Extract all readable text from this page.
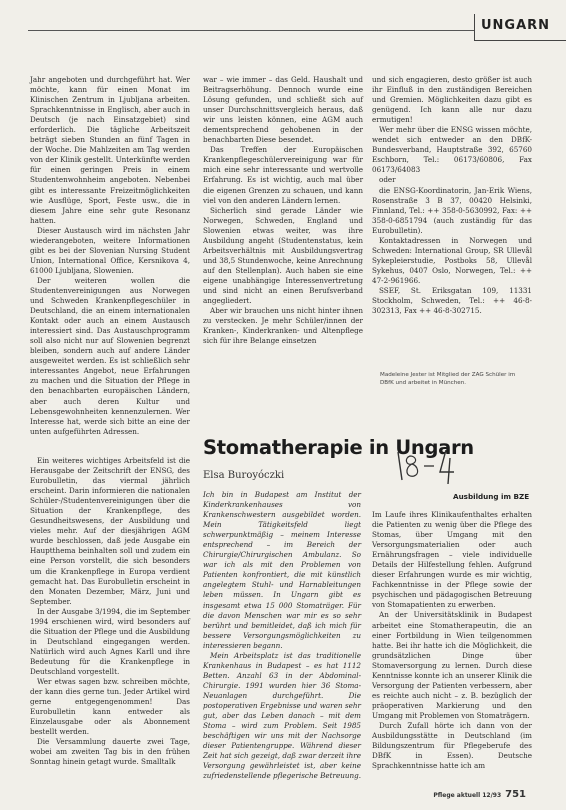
UNGARN

Jahr angeboten und durchgeführt hat. Wer möchte, kann für einen Monat im Klinischen Zentrum in Ljubljana arbeiten. Sprachkenntnisse in Englisch, aber auch in Deutsch (je nach Einsatzgebiet) sind erforderlich. Die tägliche Arbeitszeit beträgt sieben Stunden an fünf Tagen in der Woche. Die Mahlzeiten am Tag werden von der Klinik gestellt. Unterkünfte werden für einen geringen Preis in einem Studentenwohnheim angeboten. Nebenbei gibt es interessante Freizeitmöglichkeiten wie Ausflüge, Sport, Feste usw., die in diesem Jahre eine sehr gute Resonanz hatten.

Dieser Austausch wird im nächsten Jahr wiederangeboten, weitere Informationen gibt es bei der Slovenian Nursing Student Union, International Office, Kersnikova 4, 61000 Ljubljana, Slowenien.

Der weiteren wollen die Studentenvereinigungen aus Norwegen und Schweden Krankenpflegeschüler in Deutschland, die an einem internationalen Kontakt oder auch an einem Austausch interessiert sind. Das Austauschprogramm soll also nicht nur auf Slowenien begrenzt bleiben, sondern auch auf andere Länder ausgeweitet werden. Es ist schließlich sehr interessantes Angebot, neue Erfahrungen zu machen und die Situation der Pflege in den benachbarten europäischen Ländern, aber auch deren Kultur und Lebensgewohnheiten kennenzulernen. Wer Interesse hat, werde sich bitte an eine der unten aufgeführten Adressen.

Ein weiteres wichtiges Arbeitsfeld ist die Herausgabe der Zeitschrift der ENSG, des Eurobulletin, das viermal jährlich erscheint. Darin informieren die nationalen Schüler-/Studentenvereinigungen über die Situation der Krankenpflege, des Gesundheitswesens, der Ausbildung und vieles mehr. Auf der diesjährigen AGM wurde beschlossen, daß jede Ausgabe ein Hauptthema beinhalten soll und zudem ein eine Person vorstellt, die sich besonders um die Krankenpflege in Europa verdient gemacht hat. Das Eurobulletin erscheint in den Monaten Dezember, März, Juni und September.

In der Ausgabe 3/1994, die im September 1994 erschienen wird, wird besonders auf die Situation der Pflege und die Ausbildung in Deutschland eingegangen werden. Natürlich wird auch Agnes Karll und ihre Bedeutung für die Krankenpflege in Deutschland vorgestellt.

Wer etwas sagen bzw. schreiben möchte, der kann dies gerne tun. Jeder Artikel wird gerne entgegengenommen! Das Eurobulletin kann entweder als Einzelausgabe oder als Abonnement bestellt werden.

Die Versammlung dauerte zwei Tage, wobei am zweiten Tag bis in den frühen Sonntag hinein getagt wurde. Smalltalk

war – wie immer – das Geld. Haushalt und Beitragserhöhung. Dennoch wurde eine Lösung gefunden, und schließt sich auf unser Durchschnittsvergleich heraus, daß wir uns leisten können, eine AGM auch dementsprechend gehobenen in der benachbarten Diese besendet.

Das Treffen der Europäischen Krankenpflegeschülervereinigung war für mich eine sehr interessante und wertvolle Erfahrung. Es ist wichtig, auch mal über die eigenen Grenzen zu schauen, und kann viel von den anderen Ländern lernen.

Sicherlich sind gerade Länder wie Norwegen, Schweden, England und Slowenien etwas weiter, was ihre Ausbildung angeht (Studentenstatus, kein Arbeitsverhältnis mit Ausbildungsvertrag und 38,5 Stundenwoche, keine Anrechnung auf den Stellenplan). Auch haben sie eine eigene unabhängige Interessenvertretung und sind nicht an einen Berufsverband angegliedert.

Aber wir brauchen uns nicht hinter ihnen zu verstecken. Je mehr Schüler/innen der Kranken-, Kinderkranken- und Altenpflege sich für ihre Belange einsetzen

und sich engagieren, desto größer ist auch ihr Einfluß in den zuständigen Bereichen und Gremien. Möglichkeiten dazu gibt es genügend. Ich kann alle nur dazu ermutigen!

Wer mehr über die ENSG wissen möchte, wendet sich entweder an den DBfK-Bundesverband, Hauptstraße 392, 65760 Eschborn, Tel.: 06173/60806, Fax 06173/64083

oder

die ENSG-Koordinatorin, Jan-Erik Wiens, Rosenstraße 3 B 37, 00420 Helsinki, Finnland, Tel.: ++ 358-0-5630992, Fax: ++ 358-0-6851794 (auch zuständig für das Eurobulletin).

Kontaktadressen in Norwegen und Schweden: International Group, SR Ullevål Sykepleierstudie, Postboks 58, Ullevål Sykehus, 0407 Oslo, Norwegen, Tel.: ++ 47-2-961966.

SSEF, St. Eriksgatan 109, 11331 Stockholm, Schweden, Tel.: ++ 46-8-302313, Fax ++ 46-8-302715.

Madeleine Jester ist Mitglied der ZAG Schüler im DBfK und arbeitet in München.
Stomatherapie in Ungarn
Elsa Buroyóczki
Ausbildung im BZE

Ich bin in Budapest am Institut der Kinderkrankenhauses von Krankenschwestern ausgebildet worden. Mein Tätigkeitsfeld liegt schwerpunktmäßig – meinem Interesse entsprechend – im Bereich der Chirurgie/Chirurgischen Ambulanz. So war ich als mit den Problemen von Patienten konfrontiert, die mit künstlich angelegtem Stuhl- und Harnableitungen leben müssen. In Ungarn gibt es insgesamt etwa 15 000 Stomaträger. Für die davon Menschen war mir es so sehr berührt und bemitleidet, daß ich mich für bessere Versorgungsmöglichkeiten zu interessieren begann.

Mein Arbeitsplatz ist das traditionelle Krankenhaus in Budapest – es hat 1112 Betten. Anzahl 63 in der Abdominal-Chirurgie. 1991 wurden hier 36 Stoma-Neuanlagen durchgeführt. Die postoperativen Ergebnisse und waren sehr gut, aber das Leben danach – mit dem Stoma – wird zum Problem. Seit 1985 beschäftigen wir uns mit der Nachsorge dieser Patientengruppe. Während dieser Zeit hat sich gezeigt, daß zwar derzeit ihre Versorgung gewährleistet ist, aber keine zufriedenstellende pflegerische Betreuung.

Im Laufe ihres Klinikaufenthaltes erhalten die Patienten zu wenig über die Pflege des Stomas, über Umgang mit den Versorgungsmaterialien oder auch Ernährungsfragen – viele individuelle Details der Hilfestellung fehlen. Aufgrund dieser Erfahrungen wurde es mir wichtig, Fachkenntnisse in der Pflege sowie der psychischen und pädagogischen Betreuung von Stomapatienten zu erwerben.

An der Universitätsklinik in Budapest arbeitet eine Stomatherapeutin, die an einer Fortbildung in Wien teilgenommen hatte. Bei ihr hatte ich die Möglichkeit, die grundsätzlichen Dinge über Stomaversorgung zu lernen. Durch diese Kenntnisse konnte ich an unserer Klinik die Versorgung der Patienten verbessern, aber es reichte auch nicht – z. B. bezüglich der präoperativen Markierung und den Umgang mit Problemen von Stomaträgern.

Durch Zufall hörte ich dann von der Ausbildungsstätte in Deutschland (im Bildungszentrum für Pflegeberufe des DBfK in Essen). Deutsche Sprachkenntnisse hatte ich am

Pflege aktuell 12/93 751
